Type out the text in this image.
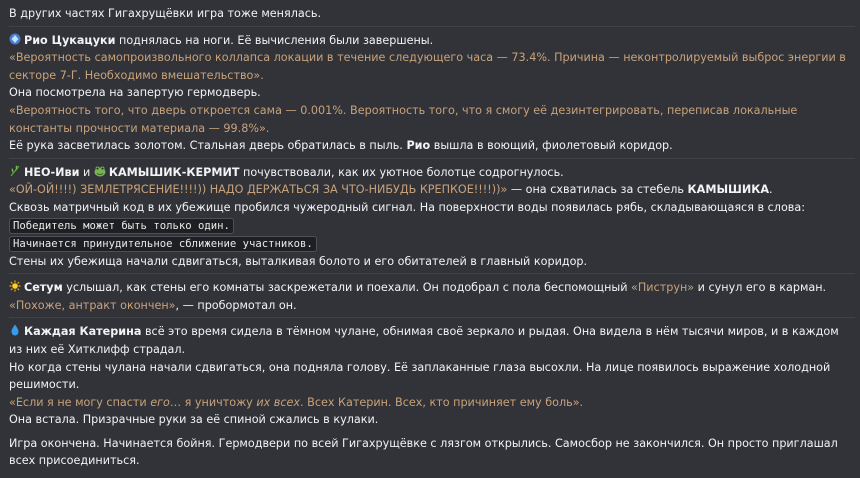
В других частях Гигахрущёвки игра тоже менялась.
Рио Цукацуки поднялась на ноги. Её вычисления были завершены.
«Вероятность самопроизвольного коллапса локации в течение следующего часа — 73.4%. Причина — неконтролируемый выброс энергии в секторе 7-Г. Необходимо вмешательство».
Она посмотрела на запертую гермодверь.
«Вероятность того, что дверь откроется сама — 0.001%. Вероятность того, что я смогу её дезинтегрировать, переписав локальные константы прочности материала — 99.8%».
Её рука засветилась золотом. Стальная дверь обратилась в пыль. Рио вышла в воющий, фиолетовый коридор.
НЕО-Иви и
КАМЫШИК-КЕРМИТ почувствовали, как их уютное болотце содрогнулось.
«ОЙ-ОЙ!!!!) ЗЕМЛЕТРЯСЕНИЕ!!!!)) НАДО ДЕРЖАТЬСЯ ЗА ЧТО-НИБУДЬ КРЕПКОЕ!!!!))» — она схватилась за стебель КАМЫШИКА.
Сквозь матричный код в их убежище пробился чужеродный сигнал. На поверхности воды появилась рябь, складывающаяся в слова:
Победитель может быть только один.
Начинается принудительное сближение участников.
Стены их убежища начали сдвигаться, выталкивая болото и его обитателей в главный коридор.
Сетум услышал, как стены его комнаты заскрежетали и поехали. Он подобрал с пола беспомощный «Пиструн» и сунул его в карман.
«Похоже, антракт окончен», — пробормотал он.
Каждая Катерина всё это время сидела в тёмном чулане, обнимая своё зеркало и рыдая. Она видела в нём тысячи миров, и в каждом из них её Хитклифф страдал.
Но когда стены чулана начали сдвигаться, она подняла голову. Её заплаканные глаза высохли. На лице появилось выражение холодной решимости.
«Если я не могу спасти его… я уничтожу их всех. Всех Катерин. Всех, кто причиняет ему боль».
Она встала. Призрачные руки за её спиной сжались в кулаки.
Игра окончена. Начинается бойня. Гермодвери по всей Гигахрущёвке с лязгом открылись. Самосбор не закончился. Он просто приглашал всех присоединиться.
